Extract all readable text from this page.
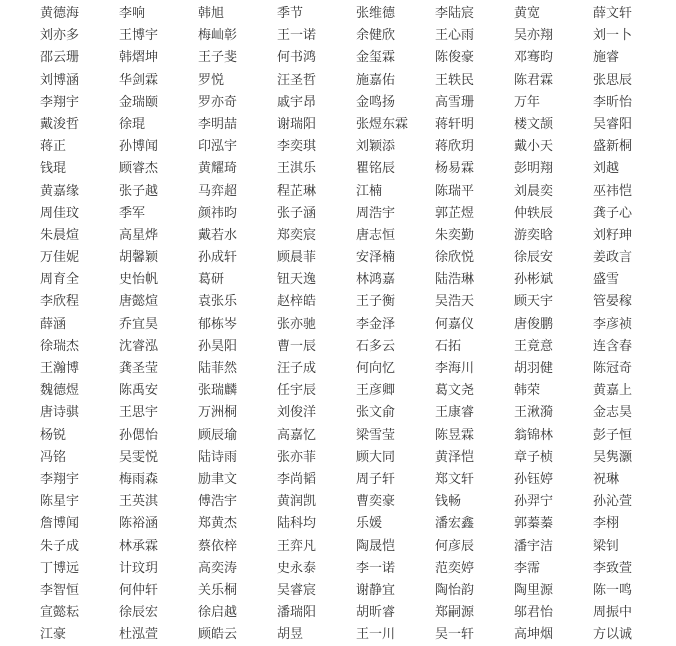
黄德海	李响	韩旭	季节	张维德	李陆宸	黄宽	薛文轩
刘亦多	王博宇	梅屾彰	王一诺	余健欣	王心雨	吴亦翔	刘一卜
邵云珊	韩熠坤	王子斐	何书鸿	金玺霖	陈俊豪	邓骞昀	施睿
刘博涵	华剑霖	罗悦	汪圣哲	施嘉佑	王轶民	陈君霖	张思辰
李翔宇	金瑞颐	罗亦奇	戚宇昂	金鸣扬	高雪珊	万年	李昕怡
戴浚哲	徐琨	李明喆	谢瑞阳	张煜东霖	蒋轩明	楼文颉	吴睿阳
蒋正	孙博闻	印泓宇	李奕琪	刘颖添	蒋欣玥	戴小天	盛新桐
钱琨	顾睿杰	黄耀琦	王淇乐	瞿铭辰	杨易霖	彭明翔	刘越
黄嘉缘	张子越	马弈超	程芷琳	江楠	陈瑞平	刘晨奕	巫祎恺
周佳玟	季军	颜祎昀	张子涵	周浩宇	郭芷煜	仲轶辰	龚子心
朱晨煊	高星烨	戴若水	郑奕宸	唐志恒	朱奕勤	游奕晗	刘籽珅
万佳妮	胡馨颖	孙成轩	顾晨菲	安泽楠	徐欣悦	徐辰安	姜政言
周育全	史怡帆	葛研	钮天逸	林鸿嘉	陆浩琳	孙彬斌	盛雪
李欣程	唐懿煊	袁张乐	赵梓皓	王子衡	吴浩天	顾天宇	管晏稼
薛涵	乔宜昊	郁栋岑	张亦驰	李金泽	何嘉仪	唐俊鹏	李彦祯
徐瑞杰	沈睿泓	孙昊阳	曹一辰	石多云	石拓	王竟意	连含春
王瀚博	龚圣莹	陆菲然	汪子成	何向忆	李海川	胡羽健	陈冠奇
魏德煜	陈禹安	张瑞麟	任宇辰	王彦卿	葛文尧	韩荣	黄嘉上
唐诗骐	王思宇	万洲桐	刘俊洋	张文俞	王康睿	王湫漪	金志昊
杨锐	孙偲怡	顾辰瑜	高嘉忆	梁雪莹	陈昱霖	翁锦林	彭子恒
冯铭	吴雯悦	陆诗雨	张亦菲	顾大同	黄泽恺	章子桢	吴隽灏
李翔宇	梅雨森	励聿文	李尚韬	周子轩	郑文轩	孙钰婷	祝琳
陈星宇	王英淇	傅浩宇	黄润凯	曹奕豪	钱畅	孙羿宁	孙沁萱
詹博闻	陈裕涵	郑黄杰	陆科均	乐媛	潘宏鑫	郭蓁蓁	李栩
朱子成	林承霖	蔡依梓	王弈凡	陶晟恺	何彦辰	潘宇洁	梁钊
丁博远	计玟玥	高奕涛	史永泰	李一诺	范奕婷	李霈	李致萱
李智恒	何仲轩	关乐桐	吴睿宸	谢静宜	陶怡韵	陶里源	陈一鸣
宣懿耘	徐辰宏	徐启越	潘瑞阳	胡昕睿	郑嗣源	邬君怡	周振中
江豪	杜泓萱	顾皓云	胡昱	王一川	吴一轩	高坤烟	方以诚
